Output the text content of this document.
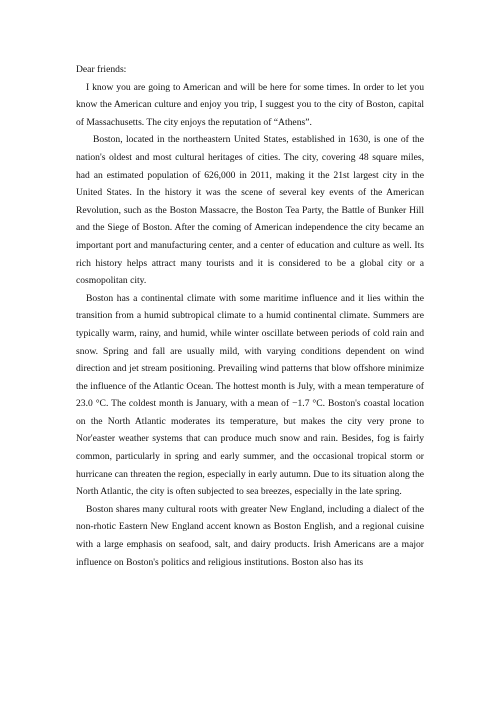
Dear friends:

I know you are going to American and will be here for some times. In order to let you know the American culture and enjoy you trip, I suggest you to the city of Boston, capital of Massachusetts. The city enjoys the reputation of “Athens”.

Boston, located in the northeastern United States, established in 1630, is one of the nation's oldest and most cultural heritages of cities. The city, covering 48 square miles, had an estimated population of 626,000 in 2011, making it the 21st largest city in the United States. In the history it was the scene of several key events of the American Revolution, such as the Boston Massacre, the Boston Tea Party, the Battle of Bunker Hill and the Siege of Boston. After the coming of American independence the city became an important port and manufacturing center, and a center of education and culture as well. Its rich history helps attract many tourists and it is considered to be a global city or a cosmopolitan city.

Boston has a continental climate with some maritime influence and it lies within the transition from a humid subtropical climate to a humid continental climate. Summers are typically warm, rainy, and humid, while winter oscillate between periods of cold rain and snow. Spring and fall are usually mild, with varying conditions dependent on wind direction and jet stream positioning. Prevailing wind patterns that blow offshore minimize the influence of the Atlantic Ocean. The hottest month is July, with a mean temperature of 23.0 °C. The coldest month is January, with a mean of −1.7 °C. Boston's coastal location on the North Atlantic moderates its temperature, but makes the city very prone to Nor'easter weather systems that can produce much snow and rain. Besides, fog is fairly common, particularly in spring and early summer, and the occasional tropical storm or hurricane can threaten the region, especially in early autumn. Due to its situation along the North Atlantic, the city is often subjected to sea breezes, especially in the late spring.

Boston shares many cultural roots with greater New England, including a dialect of the non-rhotic Eastern New England accent known as Boston English, and a regional cuisine with a large emphasis on seafood, salt, and dairy products. Irish Americans are a major influence on Boston's politics and religious institutions. Boston also has its
